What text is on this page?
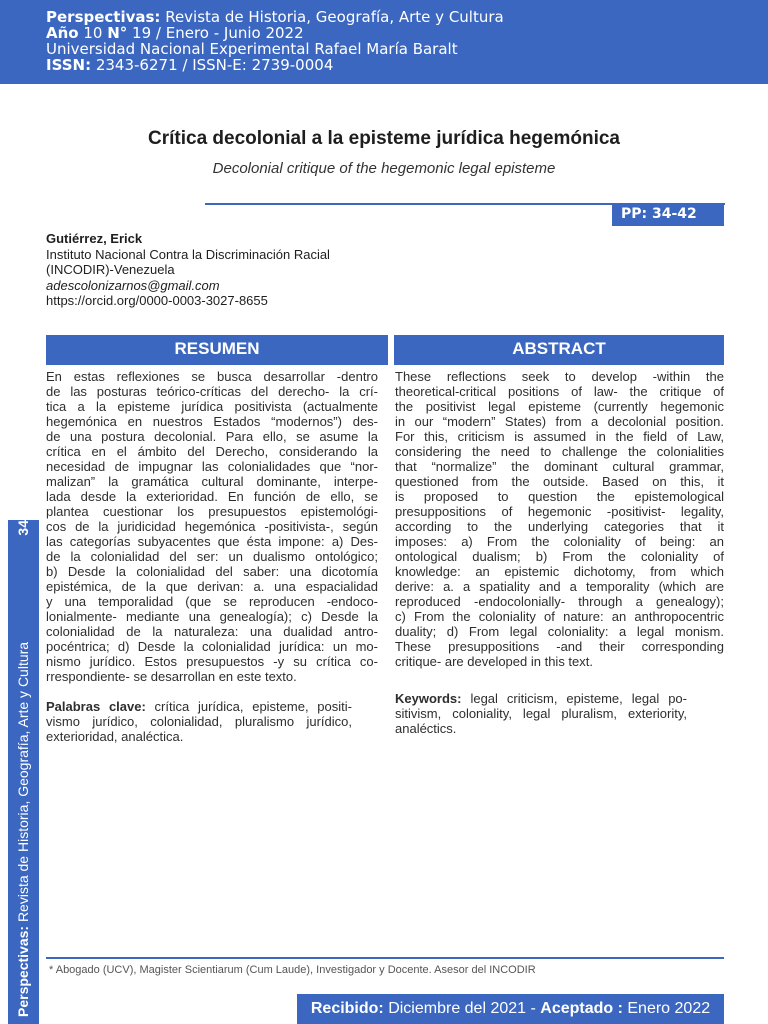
Perspectivas: Revista de Historia, Geografía, Arte y Cultura
Año 10 N° 19 / Enero - Junio 2022
Universidad Nacional Experimental Rafael María Baralt
ISSN: 2343-6271 / ISSN-E: 2739-0004
Crítica decolonial a la episteme jurídica hegemónica
Decolonial critique of the hegemonic legal episteme
PP: 34-42
Gutiérrez, Erick
Instituto Nacional Contra la Discriminación Racial
(INCODIR)-Venezuela
adescolonizarnos@gmail.com
https://orcid.org/0000-0003-3027-8655
RESUMEN	ABSTRACT
En estas reflexiones se busca desarrollar -dentro
de las posturas teórico-críticas del derecho- la crí-
tica a la episteme jurídica positivista (actualmente
hegemónica en nuestros Estados “modernos”) des-
de una postura decolonial. Para ello, se asume la
crítica en el ámbito del Derecho, considerando la
necesidad de impugnar las colonialidades que “nor-
malizan” la gramática cultural dominante, interpe-
lada desde la exterioridad. En función de ello, se
plantea cuestionar los presupuestos epistemológi-
cos de la juridicidad hegemónica -positivista-, según
las categorías subyacentes que ésta impone: a) Des-
de la colonialidad del ser: un dualismo ontológico;
b) Desde la colonialidad del saber: una dicotomía
epistémica, de la que derivan: a. una espacialidad
y una temporalidad (que se reproducen -endoco-
lonialmente- mediante una genealogía); c) Desde la
colonialidad de la naturaleza: una dualidad antro-
pocéntrica; d) Desde la colonialidad jurídica: un mo-
nismo jurídico. Estos presupuestos -y su crítica co-
rrespondiente- se desarrollan en este texto.
Palabras clave: crítica jurídica, episteme, positi-
vismo jurídico, colonialidad, pluralismo jurídico,
exterioridad, analéctica.
These reflections seek to develop -within the
theoretical-critical positions of law- the critique of
the positivist legal episteme (currently hegemonic
in our “modern” States) from a decolonial position.
For this, criticism is assumed in the field of Law,
considering the need to challenge the colonialities
that “normalize” the dominant cultural grammar,
questioned from the outside. Based on this, it
is proposed to question the epistemological
presuppositions of hegemonic -positivist- legality,
according to the underlying categories that it
imposes: a) From the coloniality of being: an
ontological dualism; b) From the coloniality of
knowledge: an epistemic dichotomy, from which
derive: a. a spatiality and a temporality (which are
reproduced -endocolonially- through a genealogy);
c) From the coloniality of nature: an anthropocentric
duality; d) From legal coloniality: a legal monism.
These presuppositions -and their corresponding
critique- are developed in this text.
Keywords: legal criticism, episteme, legal po-
sitivism, coloniality, legal pluralism, exteriority,
analéctics.
Perspectivas: Revista de Historia, Geografía, Arte y Cultura
34
* Abogado (UCV), Magister Scientiarum (Cum Laude), Investigador y Docente. Asesor del INCODIR
Recibido: Diciembre del 2021 - Aceptado : Enero 2022
